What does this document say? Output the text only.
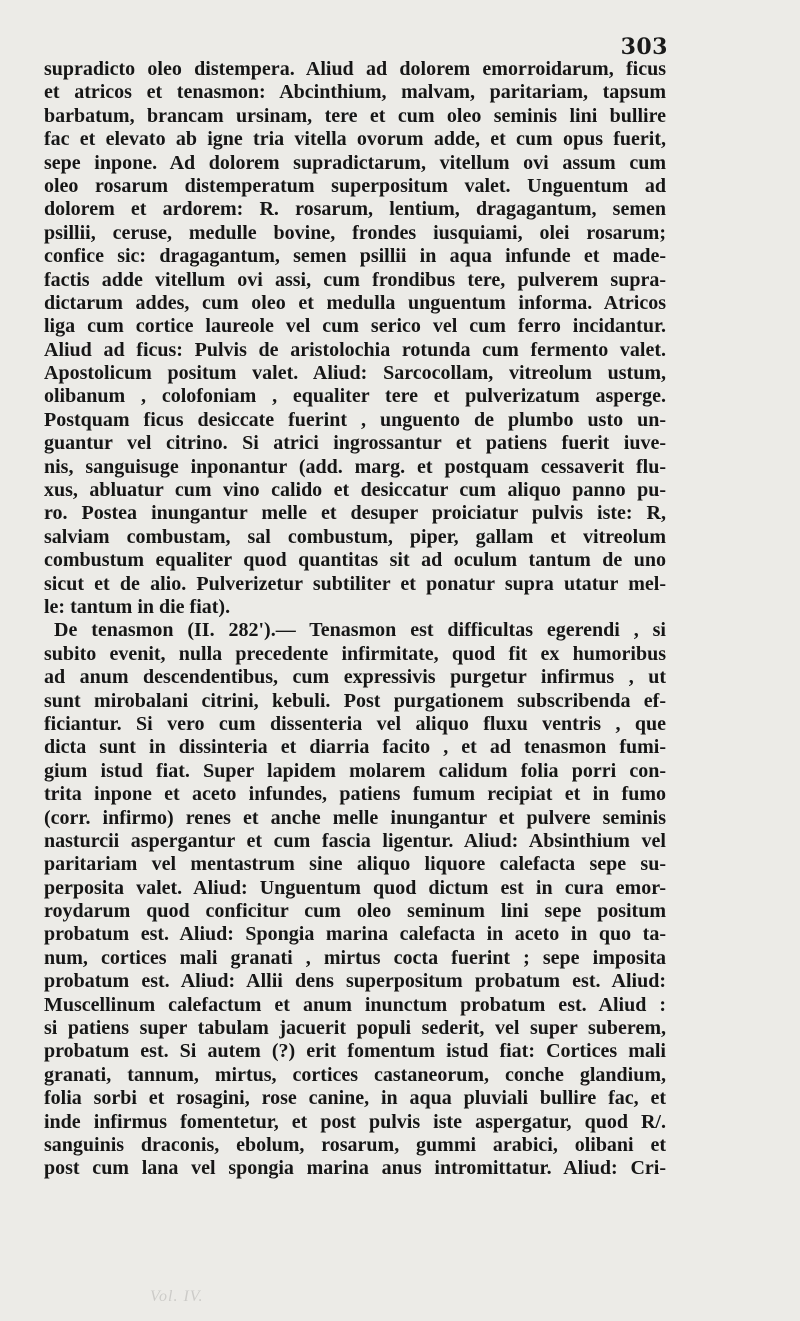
303
supradicto oleo distempera. Aliud ad dolorem emorroidarum, ficus
et atricos et tenasmon: Abcinthium, malvam, paritariam, tapsum
barbatum, brancam ursinam, tere et cum oleo seminis lini bullire
fac et elevato ab igne tria vitella ovorum adde, et cum opus fuerit,
sepe inpone. Ad dolorem supradictarum, vitellum ovi assum cum
oleo rosarum distemperatum superpositum valet. Unguentum ad
dolorem et ardorem: R. rosarum, lentium, dragagantum, semen
psillii, ceruse, medulle bovine, frondes iusquiami, olei rosarum;
confice sic: dragagantum, semen psillii in aqua infunde et made-
factis adde vitellum ovi assi, cum frondibus tere, pulverem supra-
dictarum addes, cum oleo et medulla unguentum informa. Atricos
liga cum cortice laureole vel cum serico vel cum ferro incidantur.
Aliud ad ficus: Pulvis de aristolochia rotunda cum fermento valet.
Apostolicum positum valet. Aliud: Sarcocollam, vitreolum ustum,
olibanum , colofoniam , equaliter tere et pulverizatum asperge.
Postquam ficus desiccate fuerint , unguento de plumbo usto un-
guantur vel citrino. Si atrici ingrossantur et patiens fuerit iuve-
nis, sanguisuge inponantur (add. marg. et postquam cessaverit flu-
xus, abluatur cum vino calido et desiccatur cum aliquo panno pu-
ro. Postea inungantur melle et desuper proiciatur pulvis iste: R,
salviam combustam, sal combustum, piper, gallam et vitreolum
combustum equaliter quod quantitas sit ad oculum tantum de uno
sicut et de alio. Pulverizetur subtiliter et ponatur supra utatur mel-
le: tantum in die fiat).
De tenasmon (II. 282').— Tenasmon est difficultas egerendi , si
subito evenit, nulla precedente infirmitate, quod fit ex humoribus
ad anum descendentibus, cum expressivis purgetur infirmus , ut
sunt mirobalani citrini, kebuli. Post purgationem subscribenda ef-
ficiantur. Si vero cum dissenteria vel aliquo fluxu ventris , que
dicta sunt in dissinteria et diarria facito , et ad tenasmon fumi-
gium istud fiat. Super lapidem molarem calidum folia porri con-
trita inpone et aceto infundes, patiens fumum recipiat et in fumo
(corr. infirmo) renes et anche melle inungantur et pulvere seminis
nasturcii aspergantur et cum fascia ligentur. Aliud: Absinthium vel
paritariam vel mentastrum sine aliquo liquore calefacta sepe su-
perposita valet. Aliud: Unguentum quod dictum est in cura emor-
roydarum quod conficitur cum oleo seminum lini sepe positum
probatum est. Aliud: Spongia marina calefacta in aceto in quo ta-
num, cortices mali granati , mirtus cocta fuerint ; sepe imposita
probatum est. Aliud: Allii dens superpositum probatum est. Aliud:
Muscellinum calefactum et anum inunctum probatum est. Aliud :
si patiens super tabulam jacuerit populi sederit, vel super suberem,
probatum est. Si autem (?) erit fomentum istud fiat: Cortices mali
granati, tannum, mirtus, cortices castaneorum, conche glandium,
folia sorbi et rosagini, rose canine, in aqua pluviali bullire fac, et
inde infirmus fomentetur, et post pulvis iste aspergatur, quod R/.
sanguinis draconis, ebolum, rosarum, gummi arabici, olibani et
post cum lana vel spongia marina anus intromittatur. Aliud: Cri-
Vol. IV.
